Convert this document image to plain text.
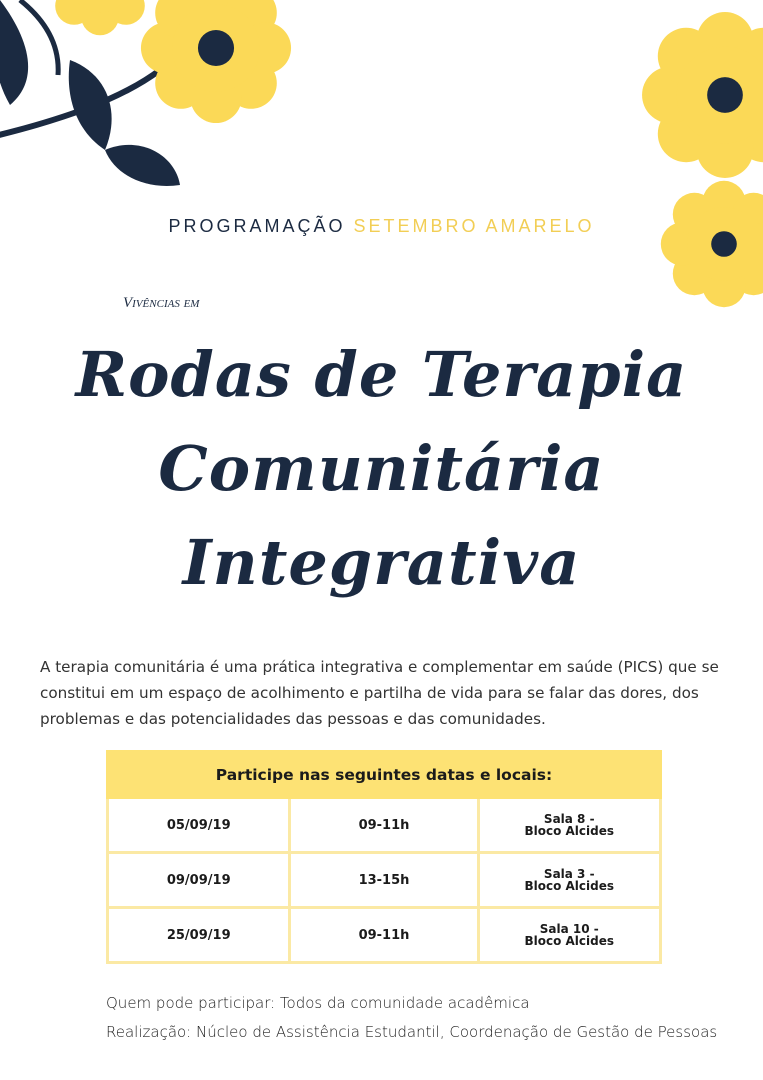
PROGRAMAÇÃO SETEMBRO AMARELO
Vivências em
Rodas de Terapia
Comunitária
Integrativa
A terapia comunitária é uma prática integrativa e complementar em saúde (PICS) que se constitui em um espaço de acolhimento e partilha de vida para se falar das dores, dos problemas e das potencialidades das pessoas e das comunidades.
Participe nas seguintes datas e locais:		
05/09/19	09-11h	Sala 8 -
Bloco Alcides
09/09/19	13-15h	Sala 3 -
Bloco Alcides
25/09/19	09-11h	Sala 10 -
Bloco Alcides
Quem pode participar: Todos da comunidade acadêmica
Realização: Núcleo de Assistência Estudantil, Coordenação de Gestão de Pessoas
